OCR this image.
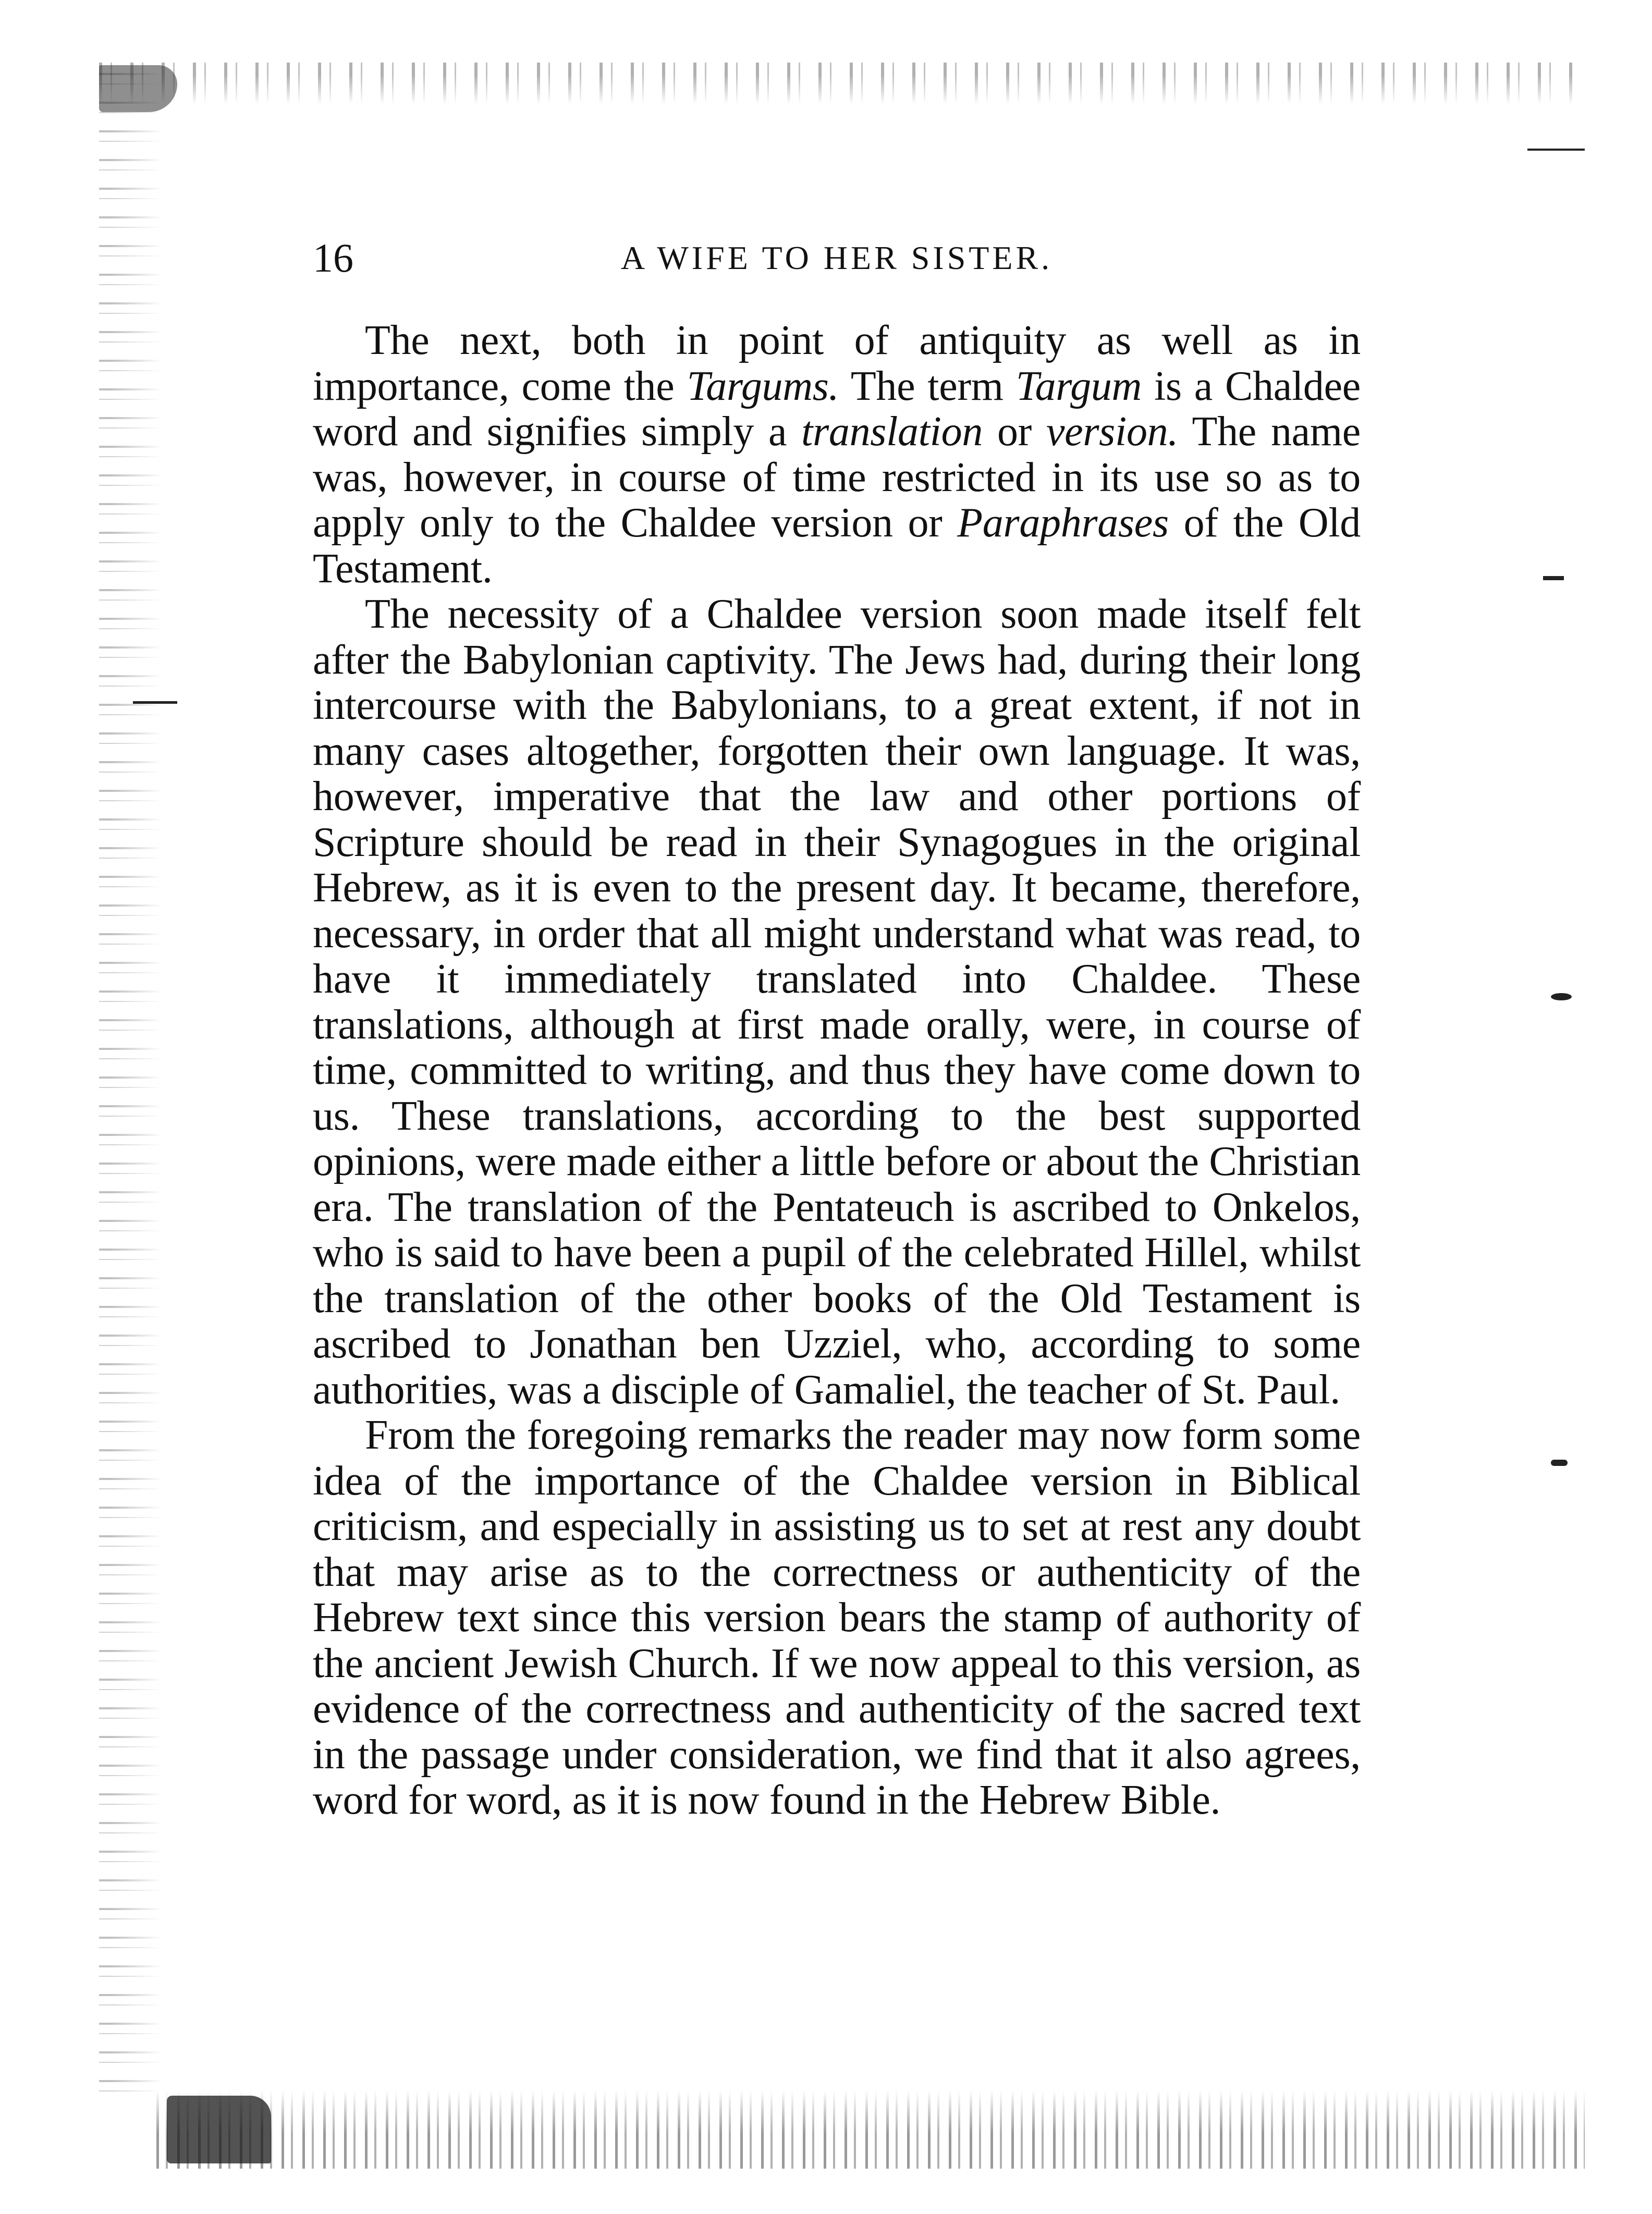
16	A WIFE TO HER SISTER.

The next, both in point of antiquity as well as in importance, come the Targums. The term Targum is a Chaldee word and signifies simply a translation or version. The name was, however, in course of time restricted in its use so as to apply only to the Chaldee version or Paraphrases of the Old Testament.

The necessity of a Chaldee version soon made itself felt after the Babylonian captivity. The Jews had, during their long intercourse with the Babylonians, to a great extent, if not in many cases altogether, forgotten their own language. It was, however, imperative that the law and other portions of Scripture should be read in their Synagogues in the original Hebrew, as it is even to the present day. It became, therefore, necessary, in order that all might understand what was read, to have it immediately translated into Chaldee. These translations, although at first made orally, were, in course of time, committed to writing, and thus they have come down to us. These translations, according to the best supported opinions, were made either a little before or about the Christian era. The translation of the Pentateuch is ascribed to Onkelos, who is said to have been a pupil of the celebrated Hillel, whilst the translation of the other books of the Old Testament is ascribed to Jonathan ben Uzziel, who, according to some authorities, was a disciple of Gamaliel, the teacher of St. Paul.

From the foregoing remarks the reader may now form some idea of the importance of the Chaldee version in Biblical criticism, and especially in assisting us to set at rest any doubt that may arise as to the correctness or authenticity of the Hebrew text since this version bears the stamp of authority of the ancient Jewish Church. If we now appeal to this version, as evidence of the correctness and authenticity of the sacred text in the passage under consideration, we find that it also agrees, word for word, as it is now found in the Hebrew Bible.
